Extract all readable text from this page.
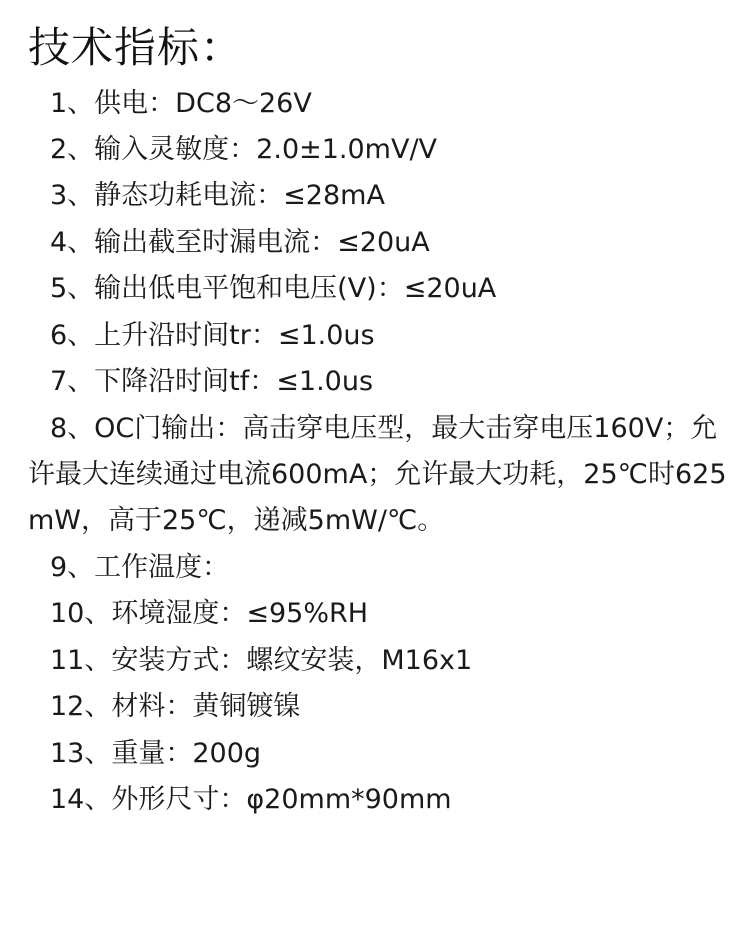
技术指标：
1、供电：DC8～26V
2、输入灵敏度：2.0±1.0mV/V
3、静态功耗电流：≤28mA
4、输出截至时漏电流：≤20uA
5、输出低电平饱和电压(V)：≤20uA
6、上升沿时间tr：≤1.0us
7、下降沿时间tf：≤1.0us
8、OC门输出：高击穿电压型，最大击穿电压160V；允许最大连续通过电流600mA；允许最大功耗，25℃时625mW，高于25℃，递减5mW/℃。
9、工作温度：
10、环境湿度：≤95%RH
11、安装方式：螺纹安装，M16x1
12、材料：黄铜镀镍
13、重量：200g
14、外形尺寸：φ20mm*90mm
